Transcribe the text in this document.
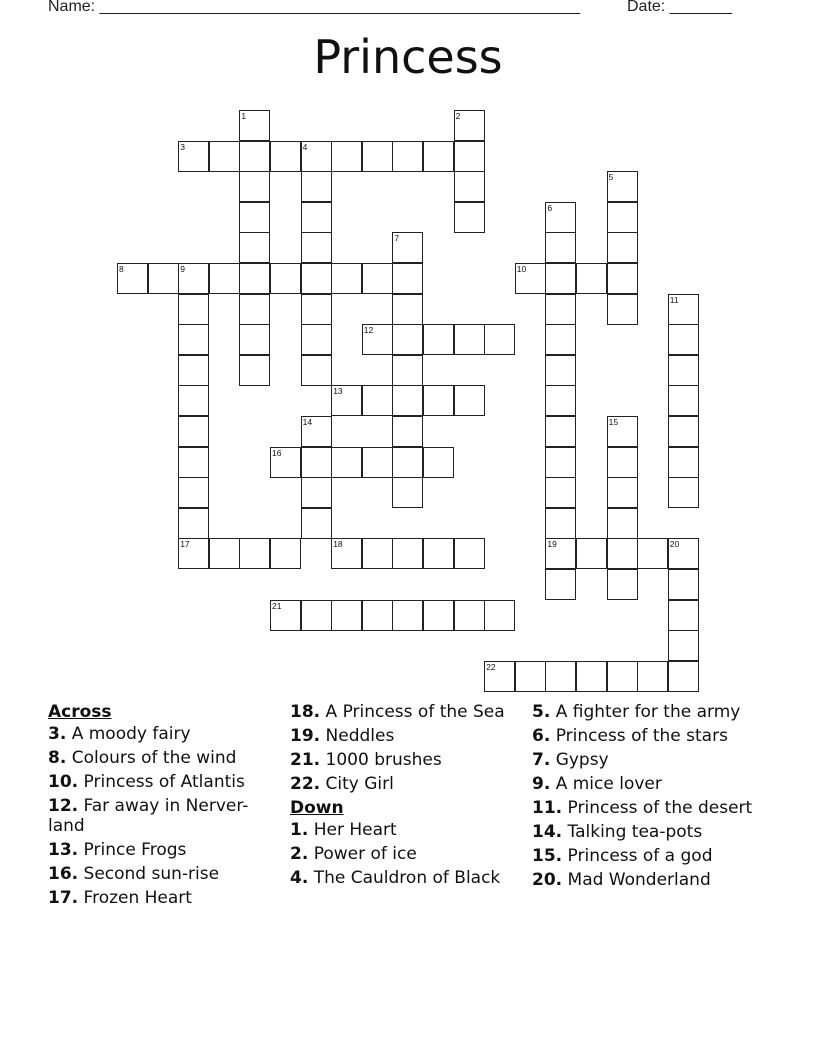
Name: ______________________________________________________	Date: _______
Princess
1	2
3	4
5
6
19
7
8	9
17
10
11
12
13
14	15
16
18	20
21
22
Across
3. A moody fairy
8. Colours of the wind
10. Princess of Atlantis
12. Far away in Nerver-land
13. Prince Frogs
16. Second sun-rise
17. Frozen Heart
18. A Princess of the Sea
19. Neddles
21. 1000 brushes
22. City Girl
Down
1. Her Heart
2. Power of ice
4. The Cauldron of Black
5. A fighter for the army
6. Princess of the stars
7. Gypsy
9. A mice lover
11. Princess of the desert
14. Talking tea-pots
15. Princess of a god
20. Mad Wonderland
